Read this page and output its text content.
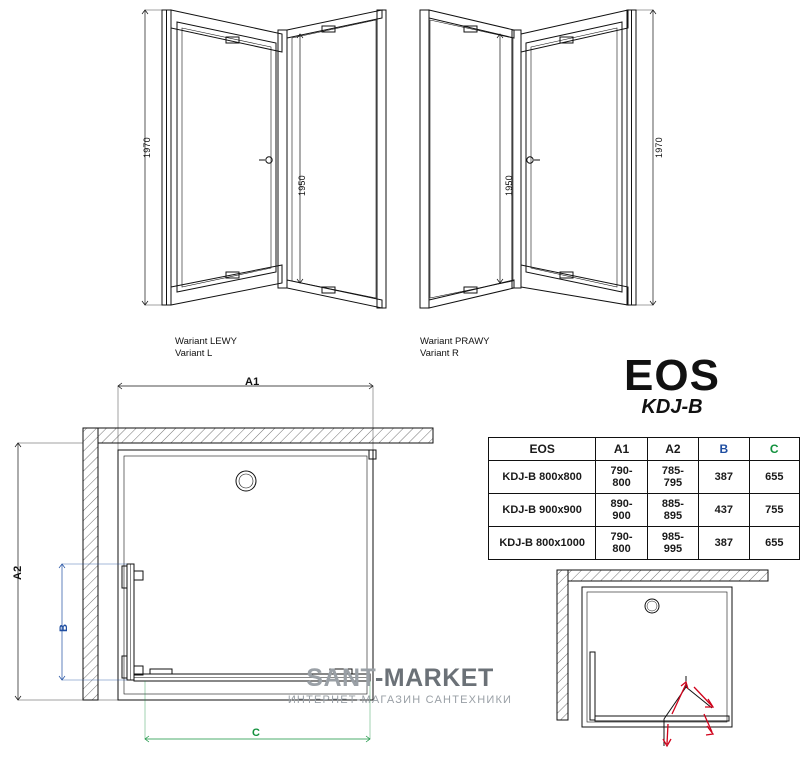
1970
1950
Wariant LEWY
Variant L
1970
1950
Wariant PRAWY
Variant R
A1
A2
B
C
EOS
KDJ-B
EOS	A1	A2	B	C
KDJ-B 800x800	790-800	785-795	387	655
KDJ-B 900x900	890-900	885-895	437	755
KDJ-B 800x1000	790-800	985-995	387	655
SANT-MARKET
ИНТЕРНЕТ-МАГАЗИН САНТЕХНИКИ
